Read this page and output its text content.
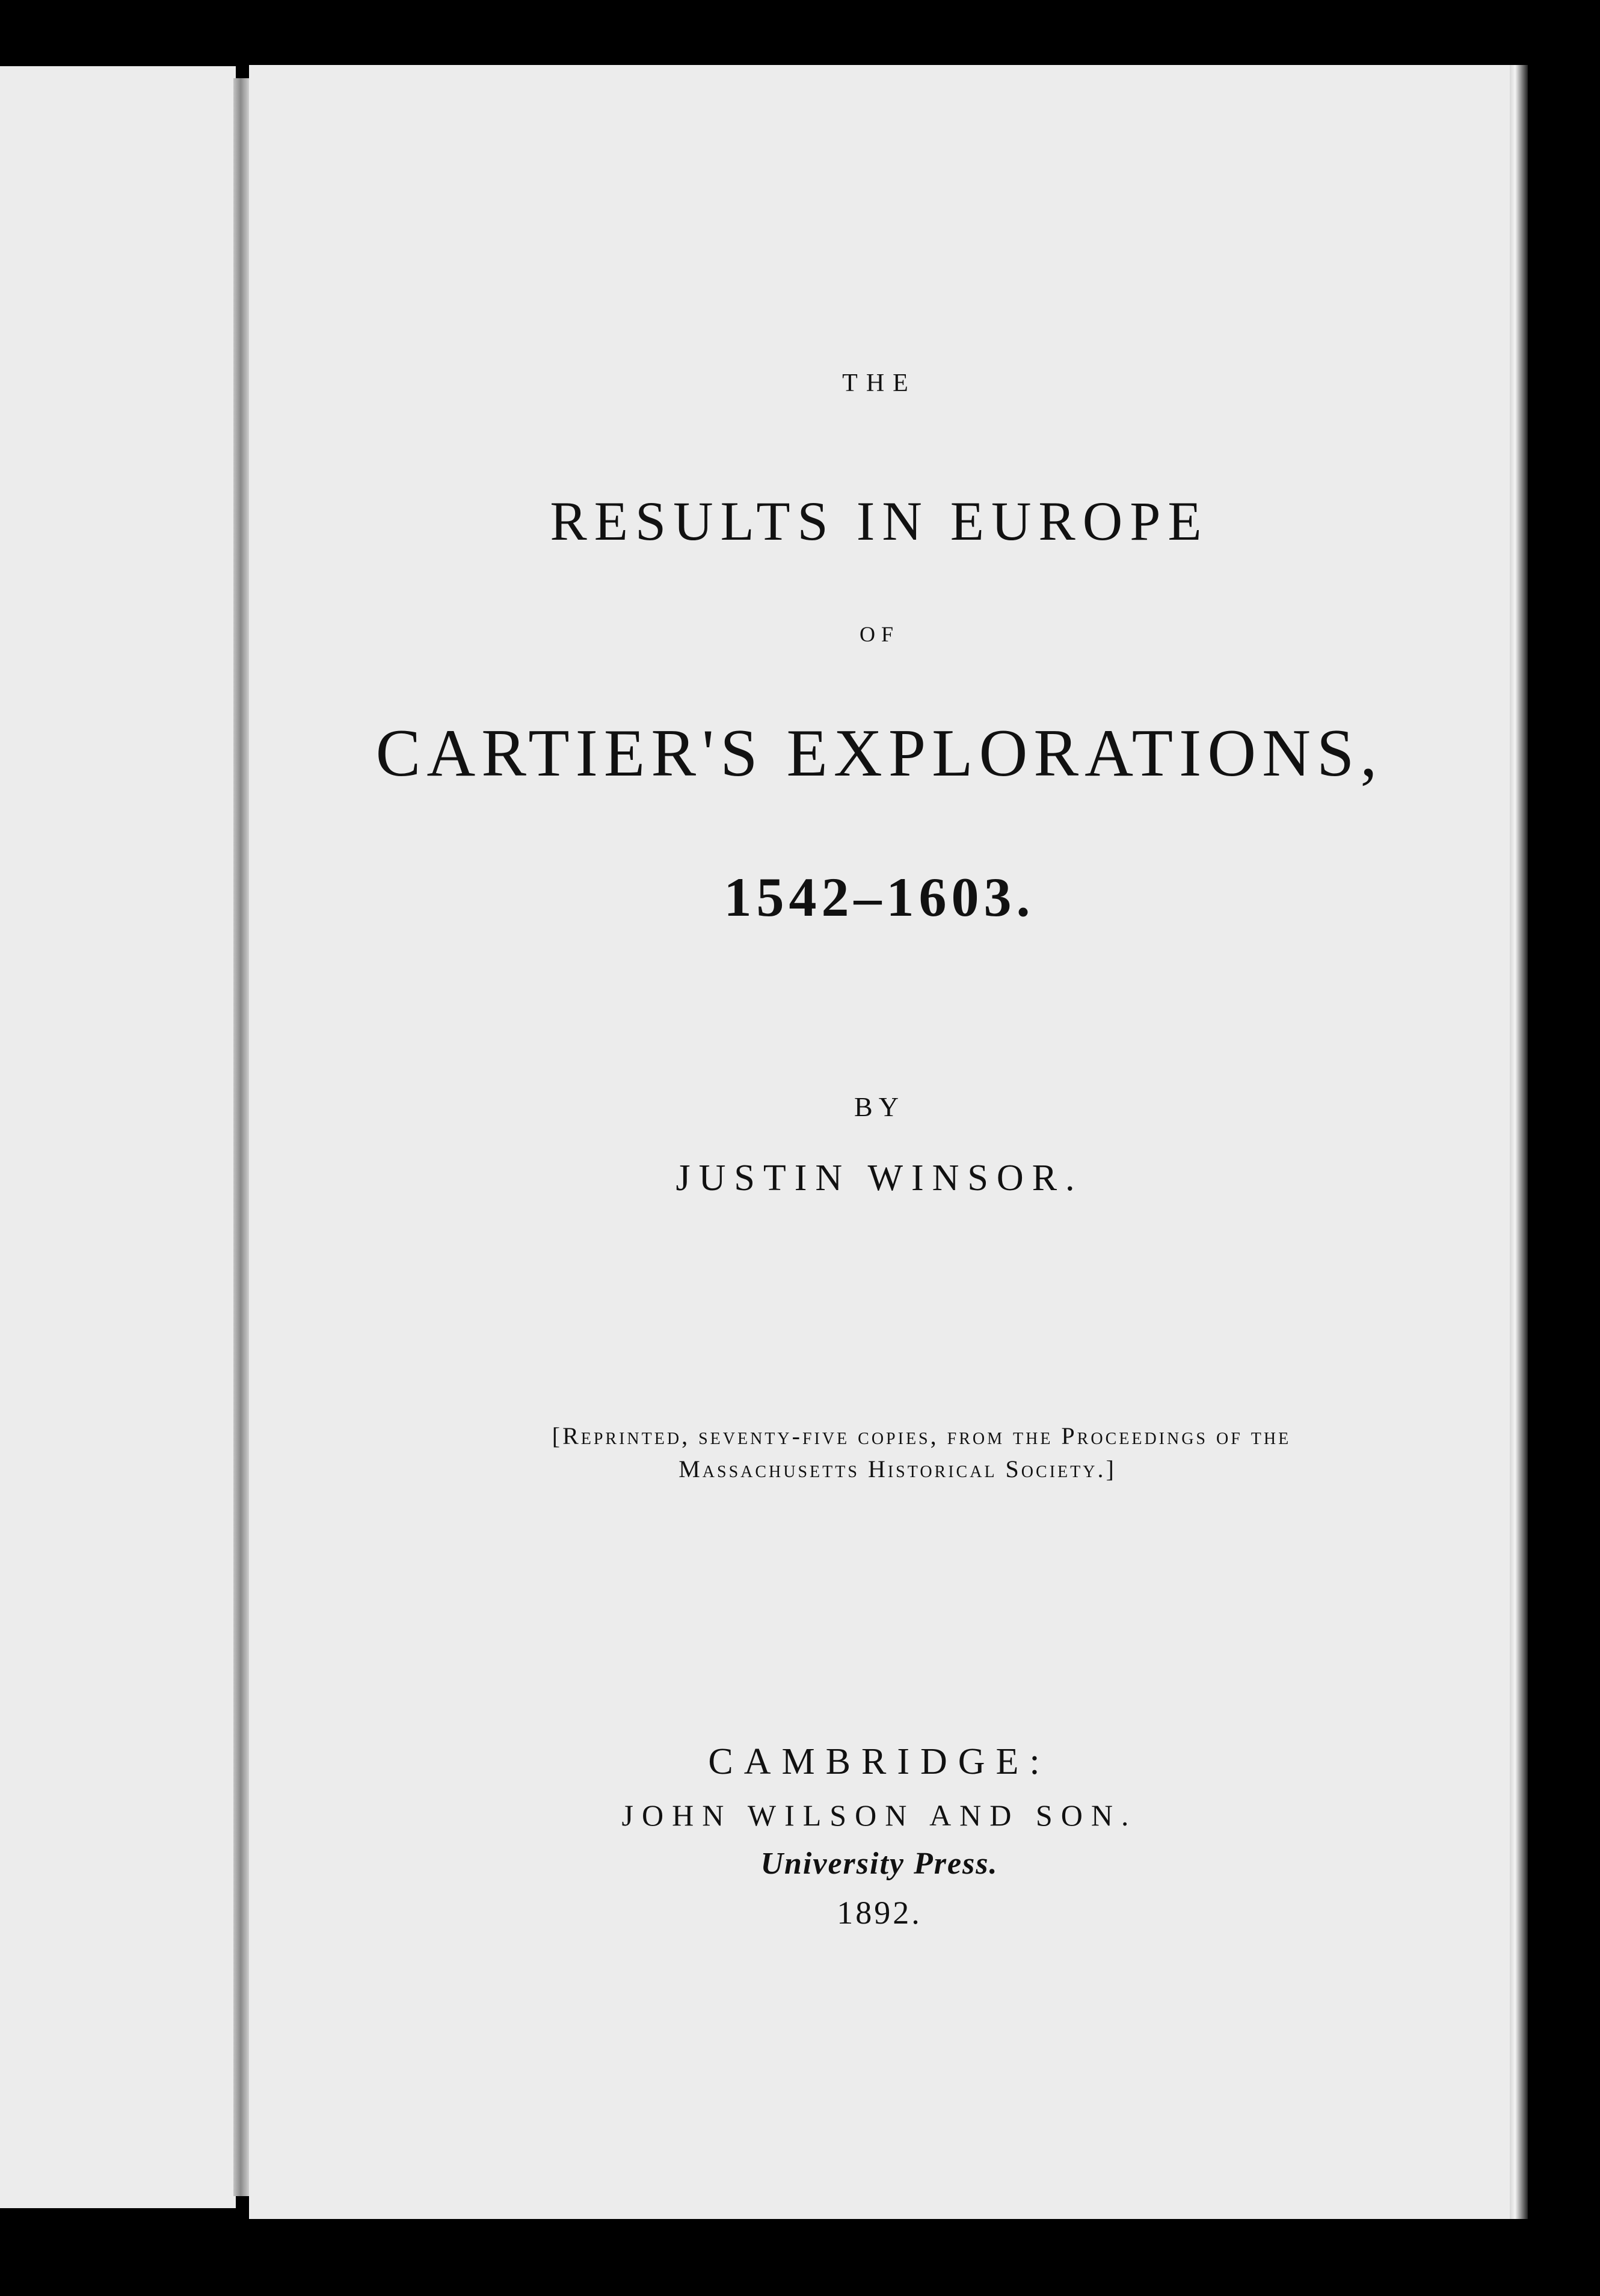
THE
RESULTS IN EUROPE
OF
CARTIER'S EXPLORATIONS,
1542–1603.
BY
JUSTIN WINSOR.
[Reprinted, seventy-five copies, from the Proceedings of the
Massachusetts Historical Society.]
CAMBRIDGE:
JOHN WILSON AND SON.
University Press.
1892.
